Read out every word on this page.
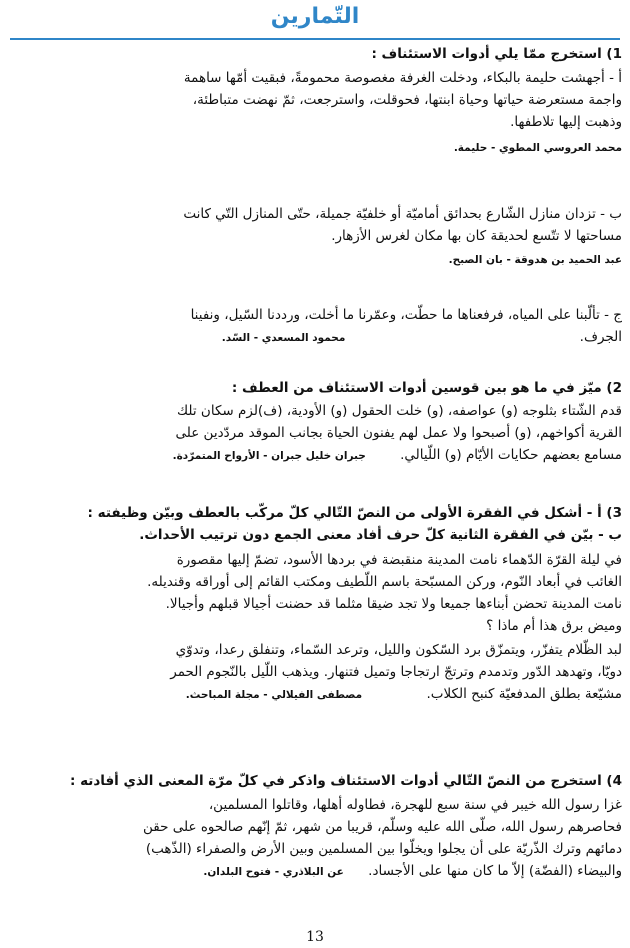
التّمارين
1) استخرج ممّا يلي أدوات الاستئناف :
أ - أجهشت حليمة بالبكاء، ودخلت الغرفة مغصوصة محمومةً، فبقيت أمّها ساهمة
واجمة مستعرضة حياتها وحياة ابنتها، فحوقلت، واسترجعت، ثمّ نهضت متباطئة،
وذهبت إليها تلاطفها.
محمد العروسي المطوي - حليمة.
ب - تزدان منازل الشّارع بحدائق أماميّة أو خلفيّة جميلة، حتّى المنازل التّي كانت
مساحتها لا تتّسع لحديقة كان بها مكان لغرس الأزهار.
عبد الحميد بن هدوقة - بان الصبح.
ج - تألّبنا على المياه، فرفعناها ما حطّت، وعمّرنا ما أخلت، ورددنا السّيل، ونفينا
الجرف. محمود المسعدي - السّد.
2) ميّز في ما هو بين قوسين أدوات الاستئناف من العطف :
قدم الشّتاء بثلوجه (و) عواصفه، (و) خلت الحقول (و) الأودية، (ف)لزم سكان تلك
القرية أكواخهم، (و) أصبحوا ولا عمل لهم يفنون الحياة بجانب الموقد مردّدين على
مسامع بعضهم حكايات الأيّام (و) اللّيالي. جبران خليل جبران - الأرواح المتمرّدة.
3) أ - أشكل في الفقرة الأولى من النصّ التّالي كلّ مركّب بالعطف وبيّن وظيفته :
ب - بيّن في الفقرة الثانية كلّ حرف أفاد معنى الجمع دون ترتيب الأحداث.
في ليلة القرّة الدّهماء نامت المدينة منقبضة في بردها الأسود، تضمّ إليها مقصورة
الغائب في أبعاد النّوم، وركن المسبّحة باسم اللّطيف ومكتب القائم إلى أوراقه وقنديله.
نامت المدينة تحضن أبناءها جميعا ولا تجد ضيقا مثلما قد حضنت أجيالا قبلهم وأجيالا.
وميض برق هذا أم ماذا ؟
لبد الظّلام يتفزّر، ويتمزّق برد السّكون والليل، وترعد السّماء، وتنفلق رعدا، وتدوّي
دويّا، وتهدهد الدّور وتدمدم وترتجّ ارتجاجا وتميل فتنهار. ويذهب اللّيل بالنّجوم الحمر
مشيّعة بطلق المدفعيّة كنبح الكلاب. مصطفى الفيلالي - مجلة المباحث.
4) استخرج من النصّ التّالي أدوات الاستئناف واذكر في كلّ مرّة المعنى الذي أفادته :
غزا رسول الله خيبر في سنة سبع للهجرة، فطاوله أهلها، وقاتلوا المسلمين،
فحاصرهم رسول الله، صلّى الله عليه وسلّم، قريبا من شهر، ثمّ إنّهم صالحوه على حقن
دمائهم وترك الذّريّة على أن يجلوا ويخلّوا بين المسلمين وبين الأرض والصفراء (الذّهب)
والبيضاء (الفضّة) إلاّ ما كان منها على الأجساد. عن البلاذري - فتوح البلدان.
13
